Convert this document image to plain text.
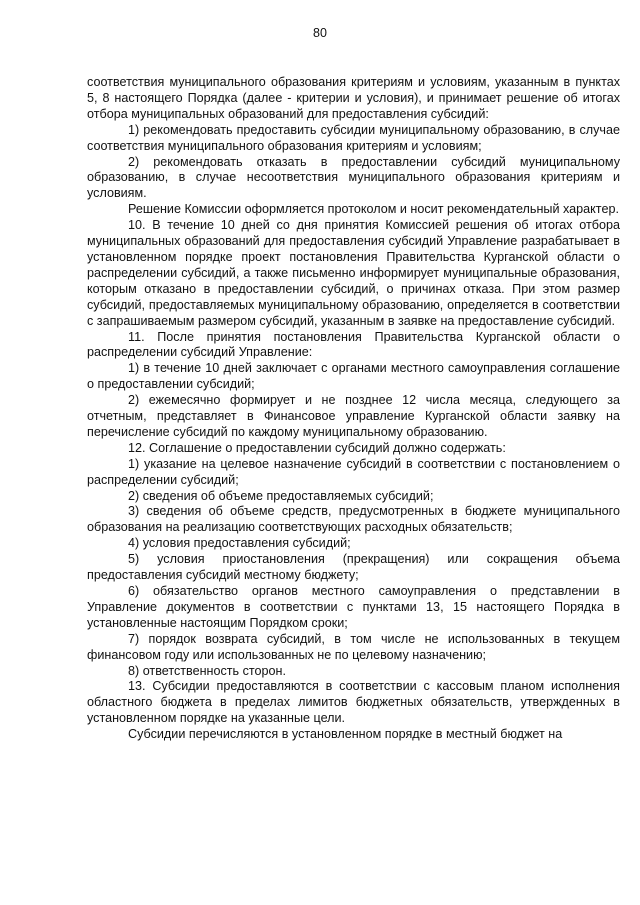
80

соответствия муниципального образования критериям и условиям, указанным в пунктах 5, 8 настоящего Порядка (далее - критерии и условия), и принимает решение об итогах отбора муниципальных образований для предоставления субсидий:

1) рекомендовать предоставить субсидии муниципальному образованию, в случае соответствия муниципального образования критериям и условиям;

2) рекомендовать отказать в предоставлении субсидий муниципальному образованию, в случае несоответствия муниципального образования критериям и условиям.

Решение Комиссии оформляется протоколом и носит рекомендательный характер.

10. В течение 10 дней со дня принятия Комиссией решения об итогах отбора муниципальных образований для предоставления субсидий Управление разрабатывает в установленном порядке проект постановления Правительства Курганской области о распределении субсидий, а также письменно информирует муниципальные образования, которым отказано в предоставлении субсидий, о причинах отказа. При этом размер субсидий, предоставляемых муниципальному образованию, определяется в соответствии с запрашиваемым размером субсидий, указанным в заявке на предоставление субсидий.

11. После принятия постановления Правительства Курганской области о распределении субсидий Управление:

1) в течение 10 дней заключает с органами местного самоуправления соглашение о предоставлении субсидий;

2) ежемесячно формирует и не позднее 12 числа месяца, следующего за отчетным, представляет в Финансовое управление Курганской области заявку на перечисление субсидий по каждому муниципальному образованию.

12. Соглашение о предоставлении субсидий должно содержать:

1) указание на целевое назначение субсидий в соответствии с постановлением о распределении субсидий;

2) сведения об объеме предоставляемых субсидий;

3) сведения об объеме средств, предусмотренных в бюджете муниципального образования на реализацию соответствующих расходных обязательств;

4) условия предоставления субсидий;

5) условия приостановления (прекращения) или сокращения объема предоставления субсидий местному бюджету;

6) обязательство органов местного самоуправления о представлении в Управление документов в соответствии с пунктами 13, 15 настоящего Порядка в установленные настоящим Порядком сроки;

7) порядок возврата субсидий, в том числе не использованных в текущем финансовом году или использованных не по целевому назначению;

8) ответственность сторон.

13. Субсидии предоставляются в соответствии с кассовым планом исполнения областного бюджета в пределах лимитов бюджетных обязательств, утвержденных в установленном порядке на указанные цели.

Субсидии перечисляются в установленном порядке в местный бюджет на
